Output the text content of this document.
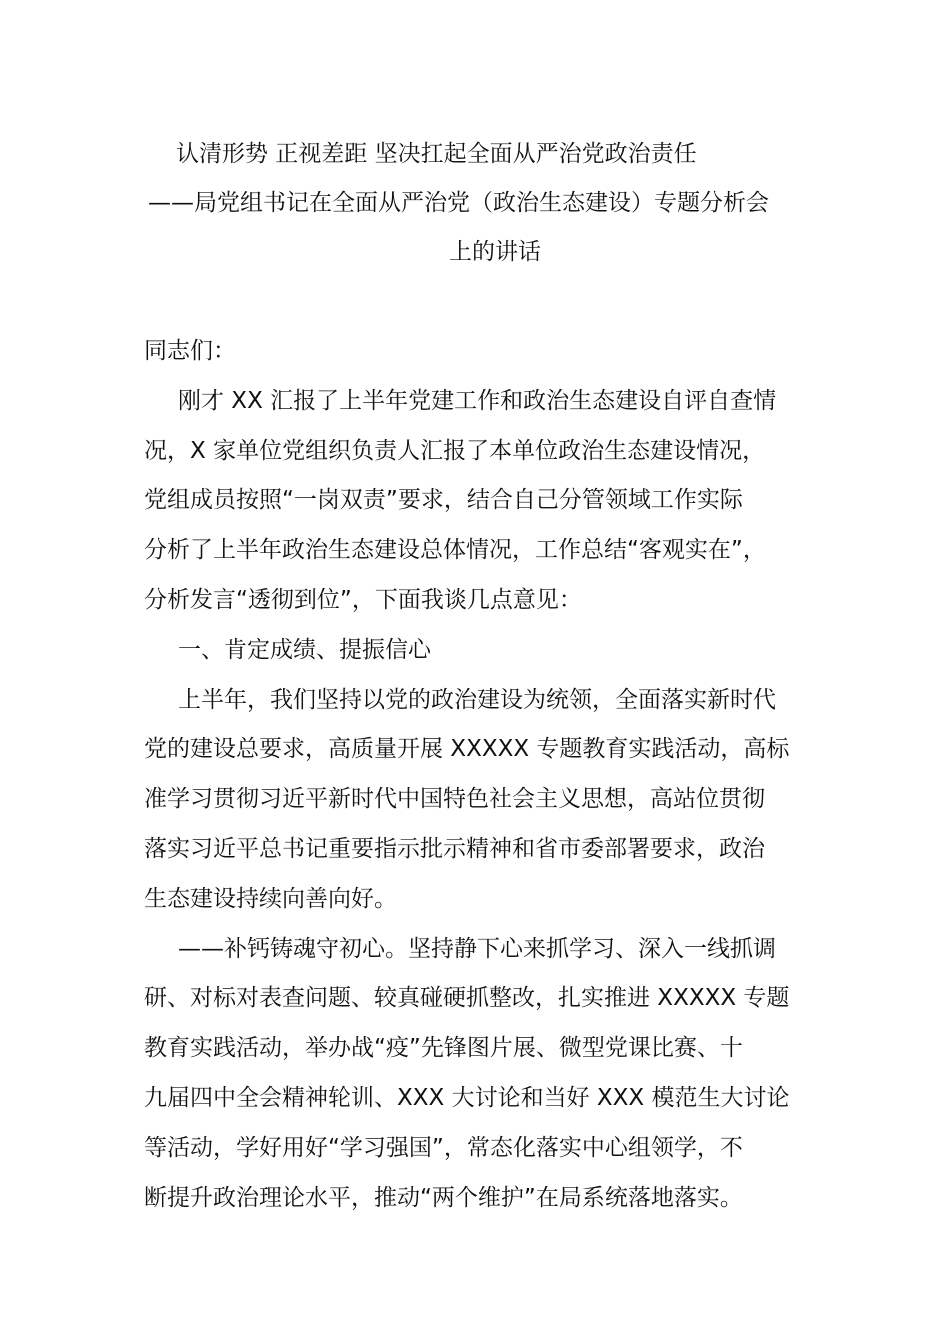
认清形势 正视差距 坚决扛起全面从严治党政治责任
——局党组书记在全面从严治党（政治生态建设）专题分析会
上的讲话
同志们：
刚才 XX 汇报了上半年党建工作和政治生态建设自评自查情
况，X 家单位党组织负责人汇报了本单位政治生态建设情况，
党组成员按照“一岗双责”要求，结合自己分管领域工作实际
分析了上半年政治生态建设总体情况，工作总结“客观实在”，
分析发言“透彻到位”，下面我谈几点意见：
一、肯定成绩、提振信心
上半年，我们坚持以党的政治建设为统领，全面落实新时代
党的建设总要求，高质量开展 XXXXX 专题教育实践活动，高标
准学习贯彻习近平新时代中国特色社会主义思想，高站位贯彻
落实习近平总书记重要指示批示精神和省市委部署要求，政治
生态建设持续向善向好。
——补钙铸魂守初心。坚持静下心来抓学习、深入一线抓调
研、对标对表查问题、较真碰硬抓整改，扎实推进 XXXXX 专题
教育实践活动，举办战“疫”先锋图片展、微型党课比赛、十
九届四中全会精神轮训、XXX 大讨论和当好 XXX 模范生大讨论
等活动，学好用好“学习强国”，常态化落实中心组领学，不
断提升政治理论水平，推动“两个维护”在局系统落地落实。
